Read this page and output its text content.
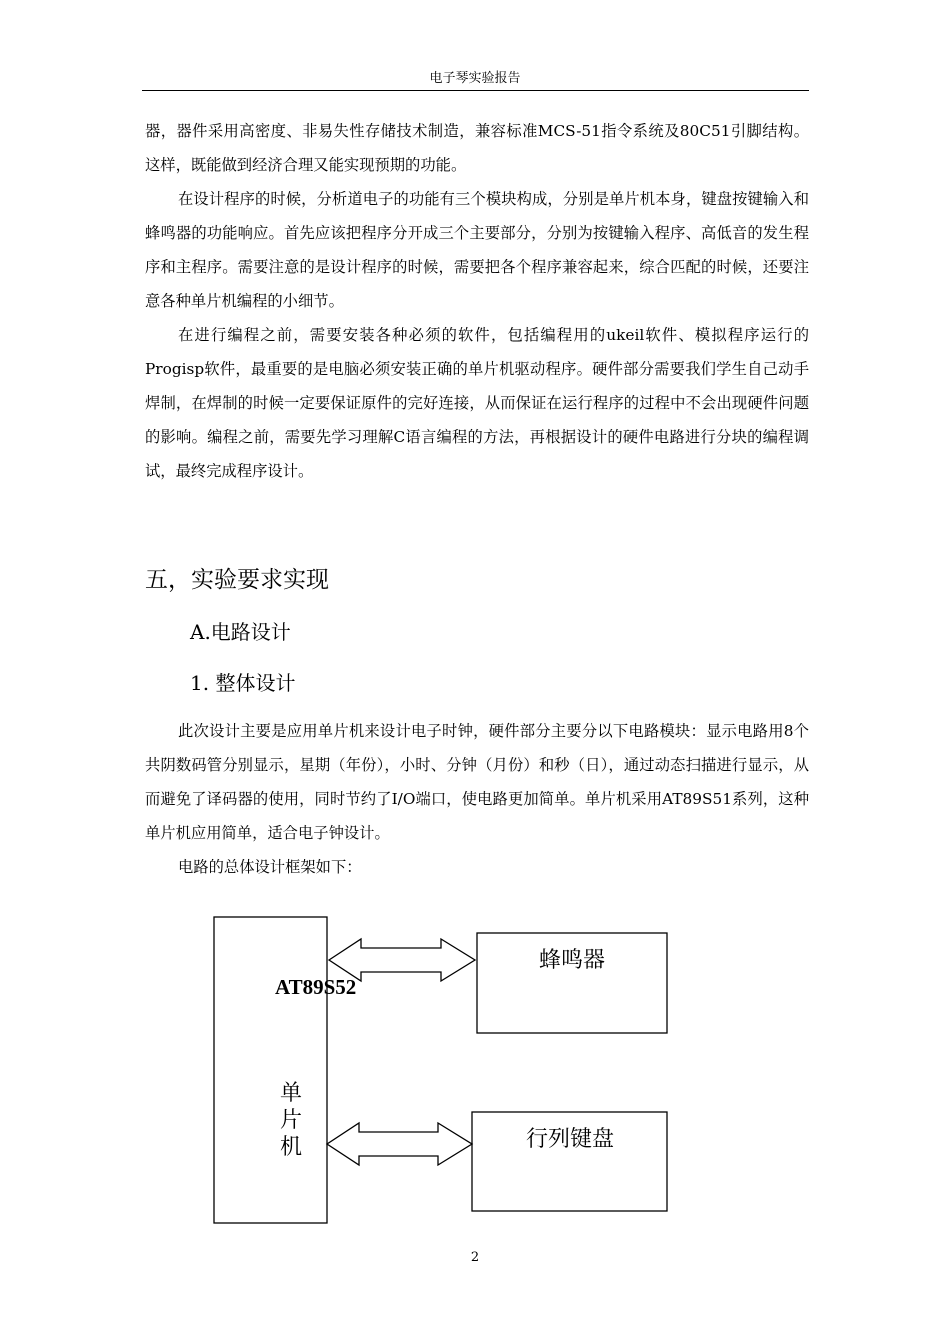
电子琴实验报告

器，器件采用高密度、非易失性存储技术制造，兼容标准MCS-51指令系统及80C51引脚结构。这样，既能做到经济合理又能实现预期的功能。

在设计程序的时候，分析道电子的功能有三个模块构成，分别是单片机本身，键盘按键输入和蜂鸣器的功能响应。首先应该把程序分开成三个主要部分，分别为按键输入程序、高低音的发生程序和主程序。需要注意的是设计程序的时候，需要把各个程序兼容起来，综合匹配的时候，还要注意各种单片机编程的小细节。

在进行编程之前，需要安装各种必须的软件，包括编程用的ukeil软件、模拟程序运行的Progisp软件，最重要的是电脑必须安装正确的单片机驱动程序。硬件部分需要我们学生自己动手焊制，在焊制的时候一定要保证原件的完好连接，从而保证在运行程序的过程中不会出现硬件问题的影响。编程之前，需要先学习理解C语言编程的方法，再根据设计的硬件电路进行分块的编程调试，最终完成程序设计。

五，实验要求实现
A.电路设计
1. 整体设计

此次设计主要是应用单片机来设计电子时钟，硬件部分主要分以下电路模块：显示电路用8个共阴数码管分别显示，星期（年份），小时、分钟（月份）和秒（日），通过动态扫描进行显示，从而避免了译码器的使用，同时节约了I/O端口，使电路更加简单。单片机采用AT89S51系列，这种单片机应用简单，适合电子钟设计。

电路的总体设计框架如下：

蜂鸣器
行列键盘
AT89S52
单
片
机
2
